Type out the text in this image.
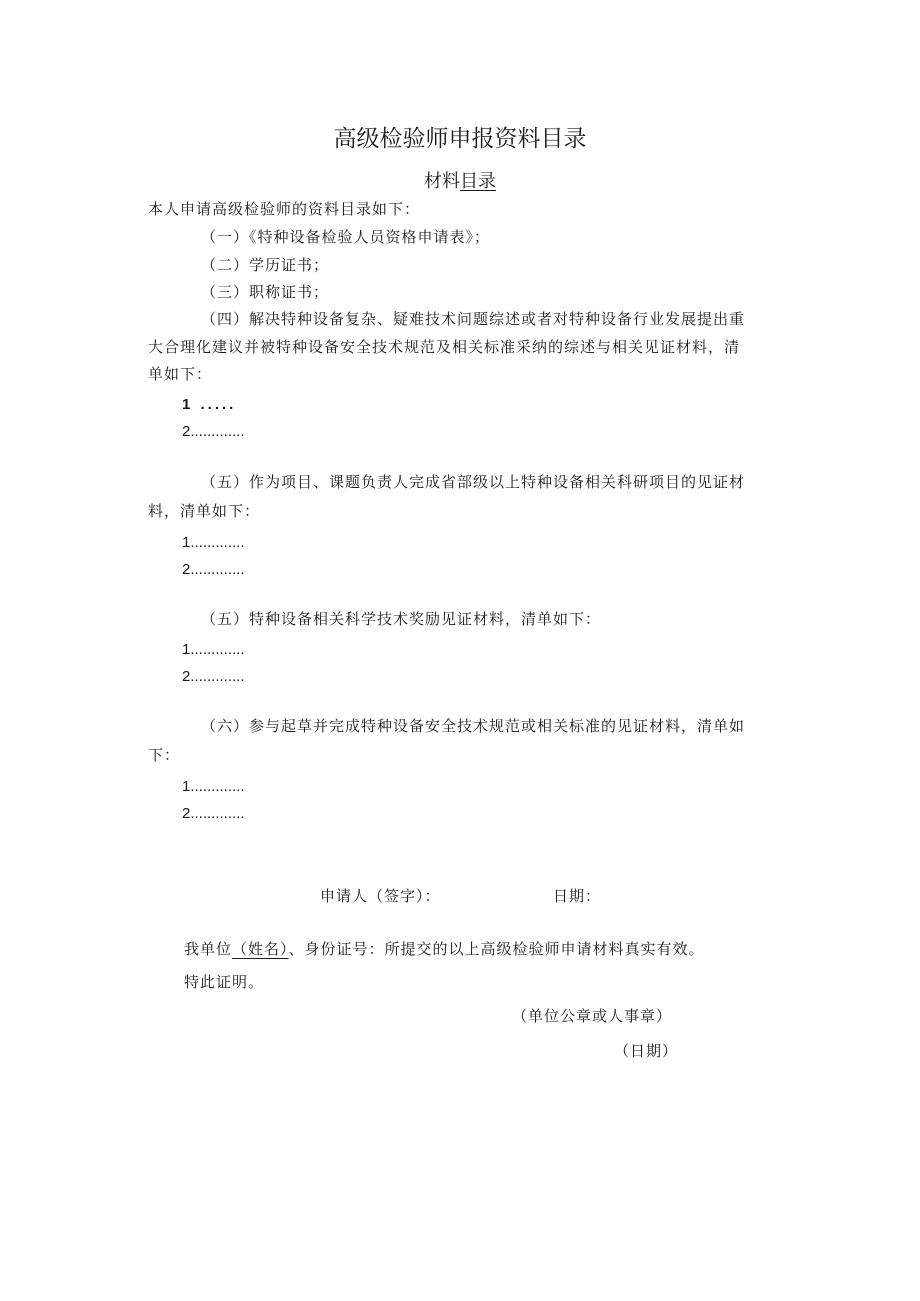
高级检验师申报资料目录
材料目录
本人申请高级检验师的资料目录如下：
（一）《特种设备检验人员资格申请表》；
（二）学历证书；
（三）职称证书；
（四）解决特种设备复杂、疑难技术问题综述或者对特种设备行业发展提出重
大合理化建议并被特种设备安全技术规范及相关标准采纳的综述与相关见证材料，清
单如下：
1 .....
2.............
（五）作为项目、课题负责人完成省部级以上特种设备相关科研项目的见证材
料，清单如下：
1.............
2.............
（五）特种设备相关科学技术奖励见证材料，清单如下：
1.............
2.............
（六）参与起草并完成特种设备安全技术规范或相关标准的见证材料，清单如
下：
1.............
2.............
申请人（签字）：	日期：
我单位（姓名）、身份证号：所提交的以上高级检验师申请材料真实有效。
特此证明。
（单位公章或人事章）
（日期）
